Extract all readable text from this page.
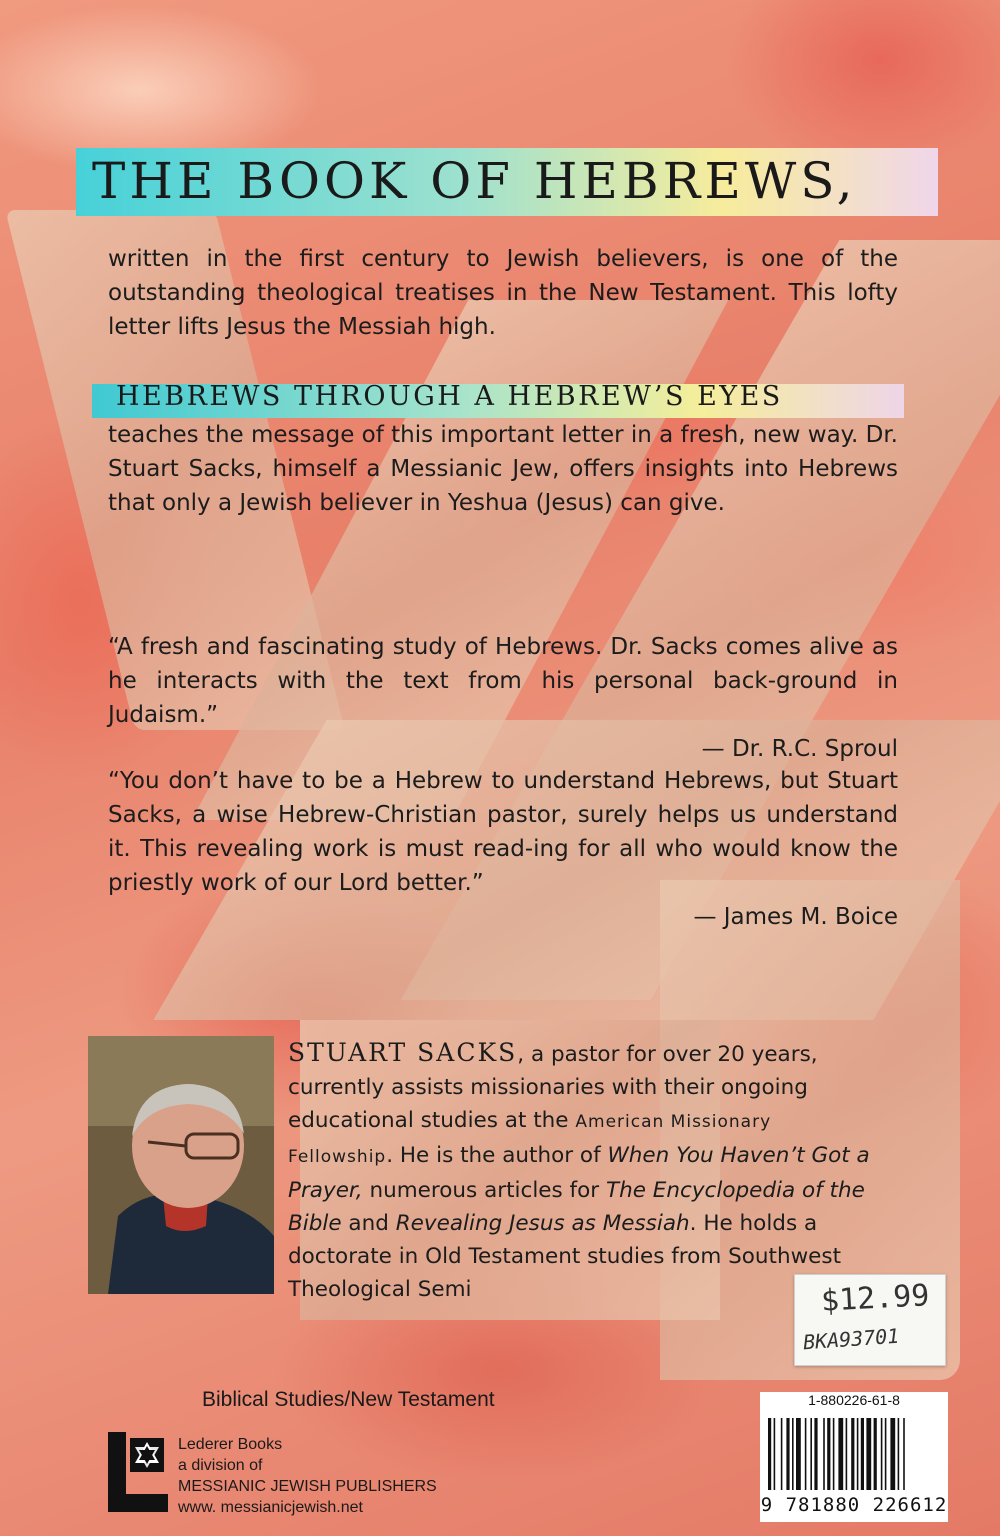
THE BOOK OF HEBREWS,

written in the first century to Jewish believers, is one of the outstanding theological treatises in the New Testament. This lofty letter lifts Jesus the Messiah high.

HEBREWS THROUGH A HEBREW’S EYES

teaches the message of this important letter in a fresh, new way. Dr. Stuart Sacks, himself a Messianic Jew, offers insights into Hebrews that only a Jewish believer in Yeshua (Jesus) can give.

“A fresh and fascinating study of Hebrews. Dr. Sacks comes alive as he interacts with the text from his personal back-ground in Judaism.”
— Dr. R.C. Sproul
“You don’t have to be a Hebrew to understand Hebrews, but Stuart Sacks, a wise Hebrew-Christian pastor, surely helps us understand it. This revealing work is must read-ing for all who would know the priestly work of our Lord better.”
— James M. Boice

STUART SACKS, a pastor for over 20 years, currently assists missionaries with their ongoing educational studies at the American Missionary Fellowship. He is the author of When You Haven’t Got a Prayer, numerous articles for The Encyclopedia of the Bible and Revealing Jesus as Messiah. He holds a doctorate in Old Testament studies from Southwest Theological Semi	$12.99
BKA93701
Biblical Studies/New Testament
Lederer Books
a division of
MESSIANIC JEWISH PUBLISHERS
www. messianicjewish.net
1-880226-61-8
9 781880 226612
